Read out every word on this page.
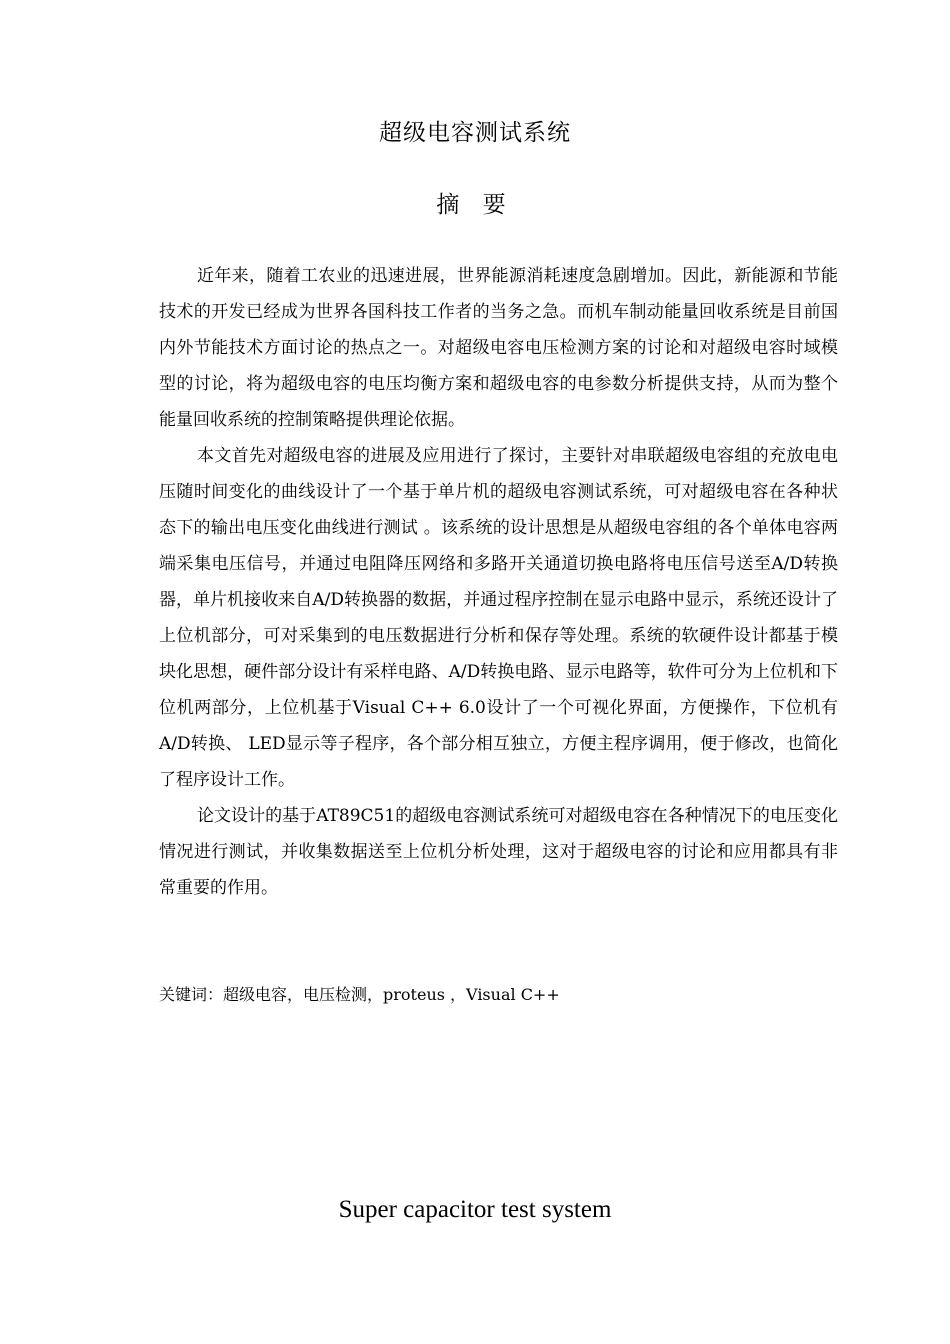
超级电容测试系统
摘 要

近年来，随着工农业的迅速进展，世界能源消耗速度急剧增加。因此，新能源和节能技术的开发已经成为世界各国科技工作者的当务之急。而机车制动能量回收系统是目前国内外节能技术方面讨论的热点之一。对超级电容电压检测方案的讨论和对超级电容时域模型的讨论，将为超级电容的电压均衡方案和超级电容的电参数分析提供支持，从而为整个能量回收系统的控制策略提供理论依据。

本文首先对超级电容的进展及应用进行了探讨，主要针对串联超级电容组的充放电电压随时间变化的曲线设计了一个基于单片机的超级电容测试系统，可对超级电容在各种状态下的输出电压变化曲线进行测试 。该系统的设计思想是从超级电容组的各个单体电容两端采集电压信号，并通过电阻降压网络和多路开关通道切换电路将电压信号送至A/D转换器，单片机接收来自A/D转换器的数据，并通过程序控制在显示电路中显示，系统还设计了上位机部分，可对采集到的电压数据进行分析和保存等处理。系统的软硬件设计都基于模块化思想，硬件部分设计有采样电路、A/D转换电路、显示电路等，软件可分为上位机和下位机两部分，上位机基于Visual C++ 6.0设计了一个可视化界面，方便操作，下位机有A/D转换、 LED显示等子程序，各个部分相互独立，方便主程序调用，便于修改，也简化了程序设计工作。

论文设计的基于AT89C51的超级电容测试系统可对超级电容在各种情况下的电压变化情况进行测试，并收集数据送至上位机分析处理，这对于超级电容的讨论和应用都具有非常重要的作用。

关键词：超级电容，电压检测，proteus ，Visual C++
Super capacitor test system
